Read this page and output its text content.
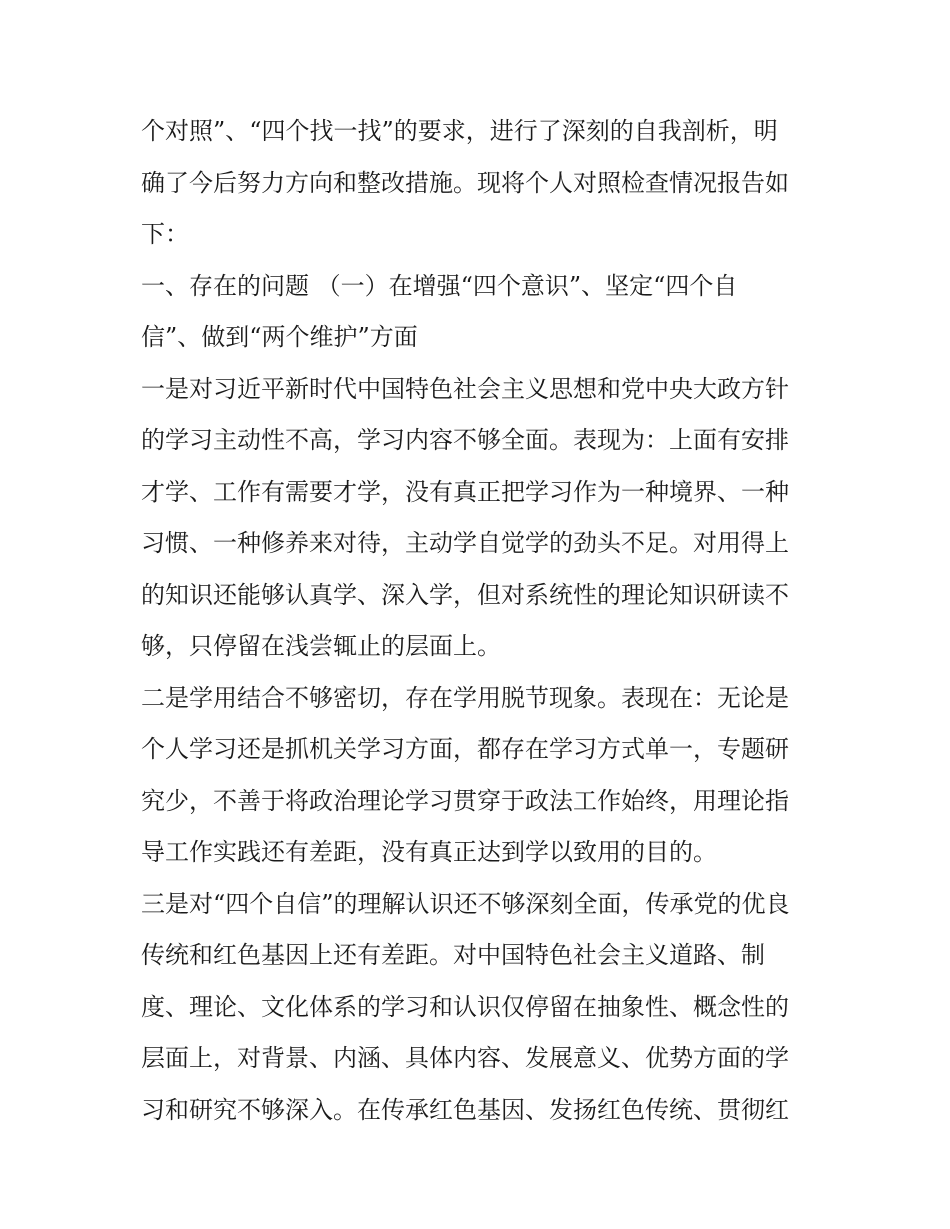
个对照”、“四个找一找”的要求，进行了深刻的自我剖析，明
确了今后努力方向和整改措施。现将个人对照检查情况报告如
下：

一、存在的问题 （一）在增强“四个意识”、坚定“四个自
信”、做到“两个维护”方面

一是对习近平新时代中国特色社会主义思想和党中央大政方针
的学习主动性不高，学习内容不够全面。表现为：上面有安排
才学、工作有需要才学，没有真正把学习作为一种境界、一种
习惯、一种修养来对待，主动学自觉学的劲头不足。对用得上
的知识还能够认真学、深入学，但对系统性的理论知识研读不
够，只停留在浅尝辄止的层面上。

二是学用结合不够密切，存在学用脱节现象。表现在：无论是
个人学习还是抓机关学习方面，都存在学习方式单一，专题研
究少，不善于将政治理论学习贯穿于政法工作始终，用理论指
导工作实践还有差距，没有真正达到学以致用的目的。

三是对“四个自信”的理解认识还不够深刻全面，传承党的优良
传统和红色基因上还有差距。对中国特色社会主义道路、制
度、理论、文化体系的学习和认识仅停留在抽象性、概念性的
层面上，对背景、内涵、具体内容、发展意义、优势方面的学
习和研究不够深入。在传承红色基因、发扬红色传统、贯彻红
